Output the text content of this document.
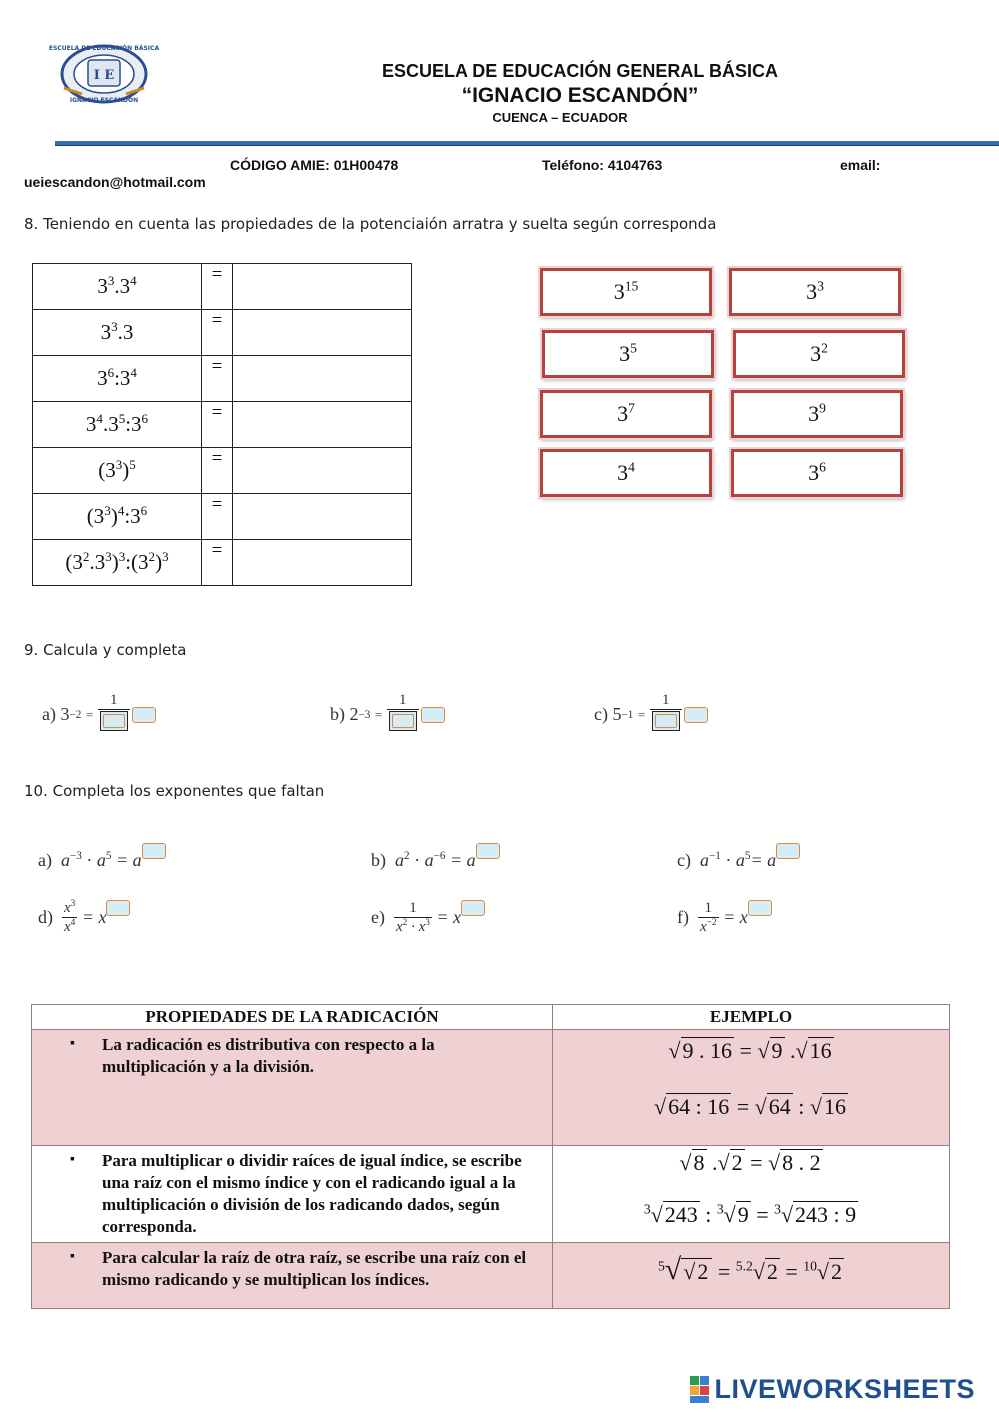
I E
ESCUELA DE EDUCACIÓN BÁSICA
IGNACIO ESCANDÓN
ESCUELA DE EDUCACIÓN GENERAL BÁSICA
“IGNACIO ESCANDÓN”
CUENCA – ECUADOR
CÓDIGO AMIE: 01H00478	Teléfono: 4104763	email:
ueiescandon@hotmail.com
8. Teniendo en cuenta las propiedades de la potenciaión arratra y suelta según corresponda
$3^3.3^4$	=	
$3^3.3$	=	
$3^6:3^4$	=	
$3^4.3^5:3^6$	=	
$(3^3)^5$	=	
$(3^3)^4:3^6$	=	
$(3^2.3^3)^3:(3^2)^3$	=	
$3^{15}$	$3^3$
$3^5$	$3^2$
$3^7$	$3^9$
$3^4$	$3^6$
9. Calcula y completa
a)
3 −2
=

1
b)
2 −3
=

1
c)
5 −1
=

1
10. Completa los exponentes que faltan
a) $a^{-3} \cdot a^5 = a$	b) $a^2 \cdot a^{-6} = a$	c) $a^{-1} \cdot a^5= a$
$d) \frac{x^3}{x^4} = x$	$e) \frac{1}{x^2 \cdot x^3} = x$	$f) \frac{1}{x^{-2}} = x$
PROPIEDADES DE LA RADICACIÓN	EJEMPLO

▪ La radicación es distributiva con respecto a la multiplicación y a la división.	√9 . 16 = √9 .√16
√64 : 16 = √64 : √16

▪ Para multiplicar o dividir raíces de igual índice, se escribe una raíz con el mismo índice y con el radicando igual a la multiplicación o división de los radicando dados, según corresponda.	√8 .√2 = √8 . 2
$^3$√243 : $^3$√9 = $^3$√243 : 9

▪ Para calcular la raíz de otra raíz, se escribe una raíz con el mismo radicando y se multiplican los índices.	$^5$√√2 = $^{5.2}$√2 = $^{10}$√2
LIVEWORKSHEETS
